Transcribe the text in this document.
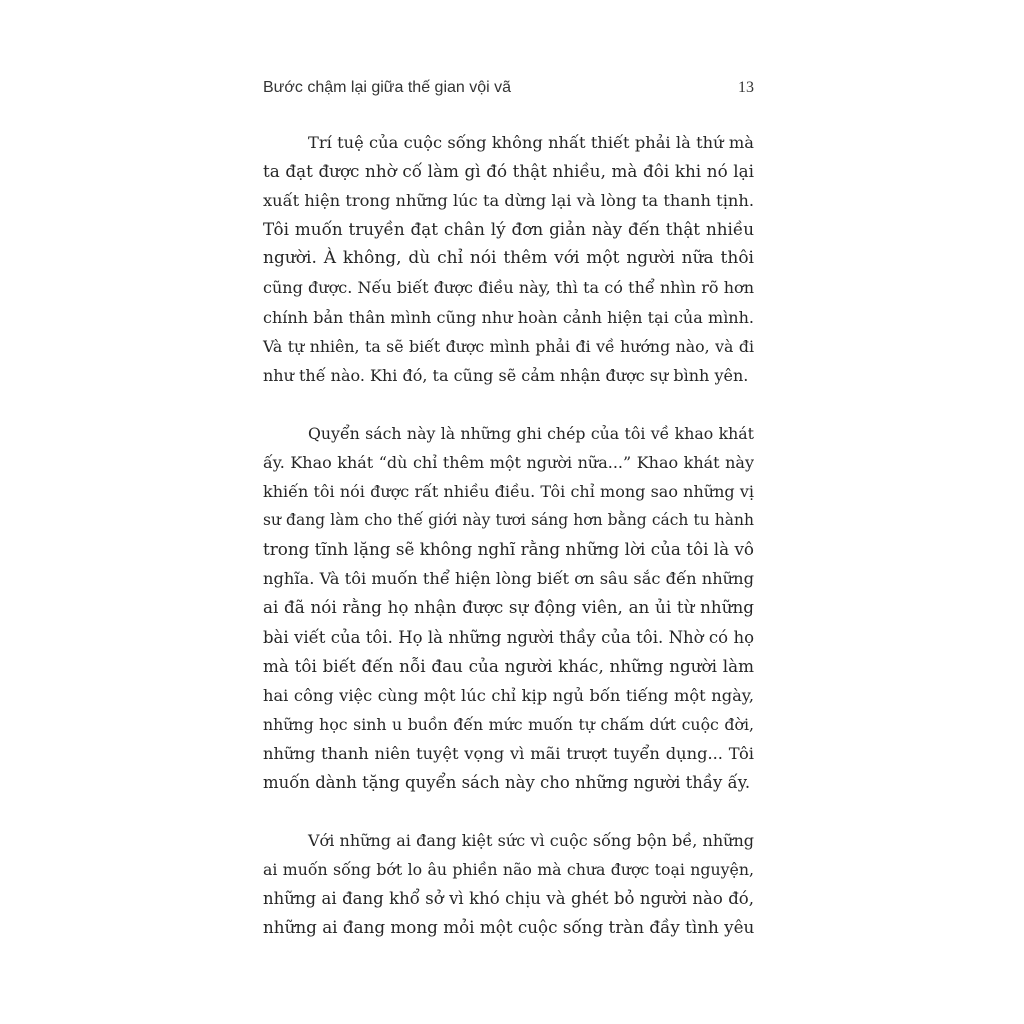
Bước chậm lại giữa thế gian vội vã	13

Trí tuệ của cuộc sống không nhất thiết phải là thứ mà
ta đạt được nhờ cố làm gì đó thật nhiều, mà đôi khi nó lại
xuất hiện trong những lúc ta dừng lại và lòng ta thanh tịnh.
Tôi muốn truyền đạt chân lý đơn giản này đến thật nhiều
người. À không, dù chỉ nói thêm với một người nữa thôi
cũng được. Nếu biết được điều này, thì ta có thể nhìn rõ hơn
chính bản thân mình cũng như hoàn cảnh hiện tại của mình.
Và tự nhiên, ta sẽ biết được mình phải đi về hướng nào, và đi
như thế nào. Khi đó, ta cũng sẽ cảm nhận được sự bình yên.

Quyển sách này là những ghi chép của tôi về khao khát
ấy. Khao khát “dù chỉ thêm một người nữa...” Khao khát này
khiến tôi nói được rất nhiều điều. Tôi chỉ mong sao những vị
sư đang làm cho thế giới này tươi sáng hơn bằng cách tu hành
trong tĩnh lặng sẽ không nghĩ rằng những lời của tôi là vô
nghĩa. Và tôi muốn thể hiện lòng biết ơn sâu sắc đến những
ai đã nói rằng họ nhận được sự động viên, an ủi từ những
bài viết của tôi. Họ là những người thầy của tôi. Nhờ có họ
mà tôi biết đến nỗi đau của người khác, những người làm
hai công việc cùng một lúc chỉ kịp ngủ bốn tiếng một ngày,
những học sinh u buồn đến mức muốn tự chấm dứt cuộc đời,
những thanh niên tuyệt vọng vì mãi trượt tuyển dụng... Tôi
muốn dành tặng quyển sách này cho những người thầy ấy.

Với những ai đang kiệt sức vì cuộc sống bộn bề, những
ai muốn sống bớt lo âu phiền não mà chưa được toại nguyện,
những ai đang khổ sở vì khó chịu và ghét bỏ người nào đó,
những ai đang mong mỏi một cuộc sống tràn đầy tình yêu
